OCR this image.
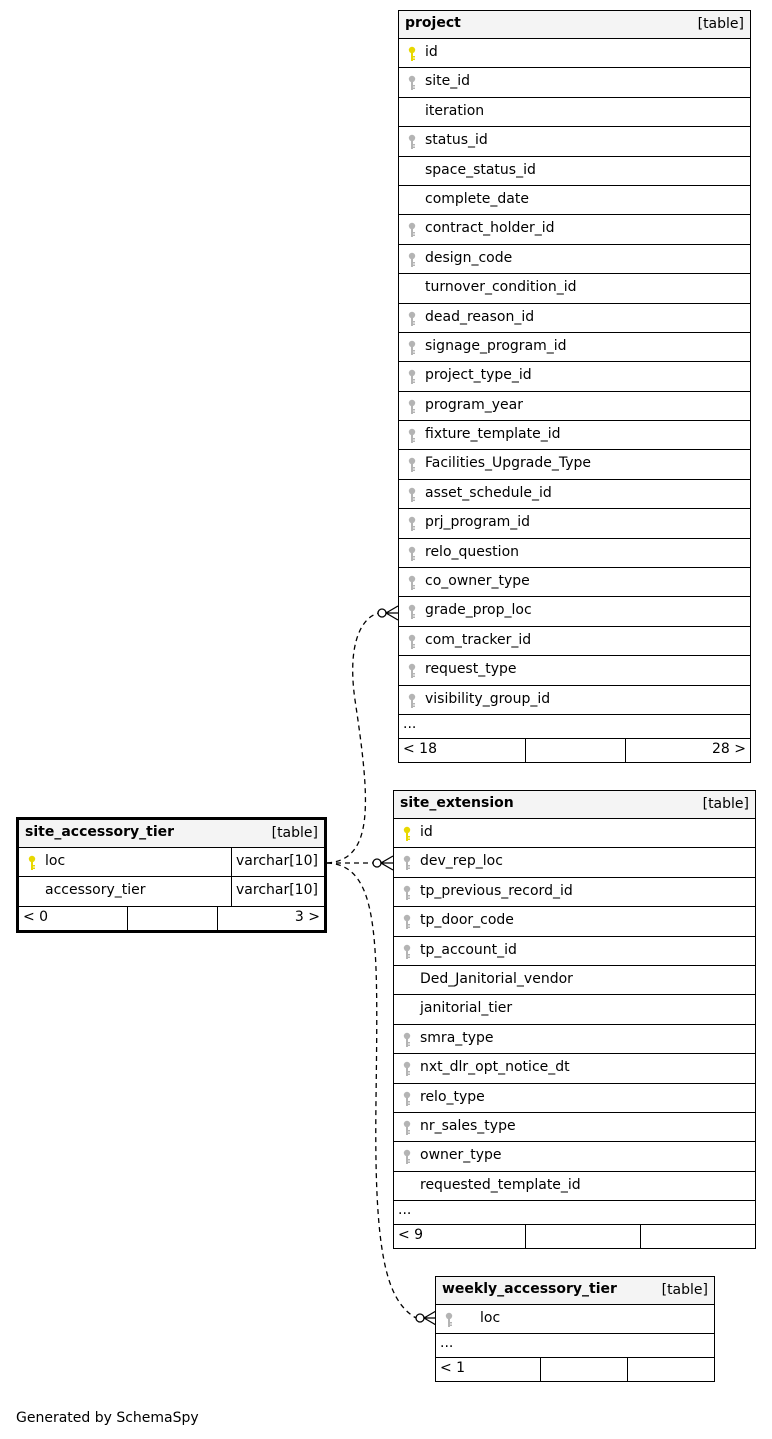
project	[table]
id
site_id
iteration
status_id
space_status_id
complete_date
contract_holder_id
design_code
turnover_condition_id
dead_reason_id
signage_program_id
project_type_id
program_year
fixture_template_id
Facilities_Upgrade_Type
asset_schedule_id
prj_program_id
relo_question
co_owner_type
grade_prop_loc
com_tracker_id
request_type
visibility_group_id
...
< 18	28 >
site_extension	[table]
id
dev_rep_loc
tp_previous_record_id
tp_door_code
tp_account_id
Ded_Janitorial_vendor
janitorial_tier
smra_type
nxt_dlr_opt_notice_dt
relo_type
nr_sales_type
owner_type
requested_template_id
...
< 9
site_accessory_tier	[table]
loc	varchar[10]
accessory_tier	varchar[10]
< 0	3 >
weekly_accessory_tier	[table]
loc
...
< 1
Generated by SchemaSpy
